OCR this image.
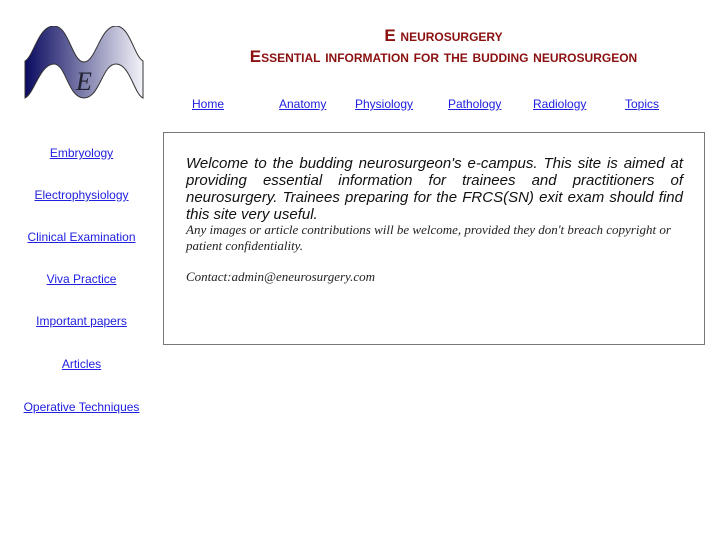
E
E neurosurgery
Essential information for the budding neurosurgeon
Home	Anatomy Physiology	Pathology	Radiology	Topics
Embryology
Electrophysiology
Clinical Examination
Viva Practice
Important papers
Articles
Operative Techniques
Welcome to the budding neurosurgeon's e-campus. This site is aimed at providing essential information for trainees and practitioners of neurosurgery. Trainees preparing for the FRCS(SN) exit exam should find this site very useful.
Any images or article contributions will be welcome, provided they don't breach copyright or patient confidentiality.
Contact:admin@eneurosurgery.com
